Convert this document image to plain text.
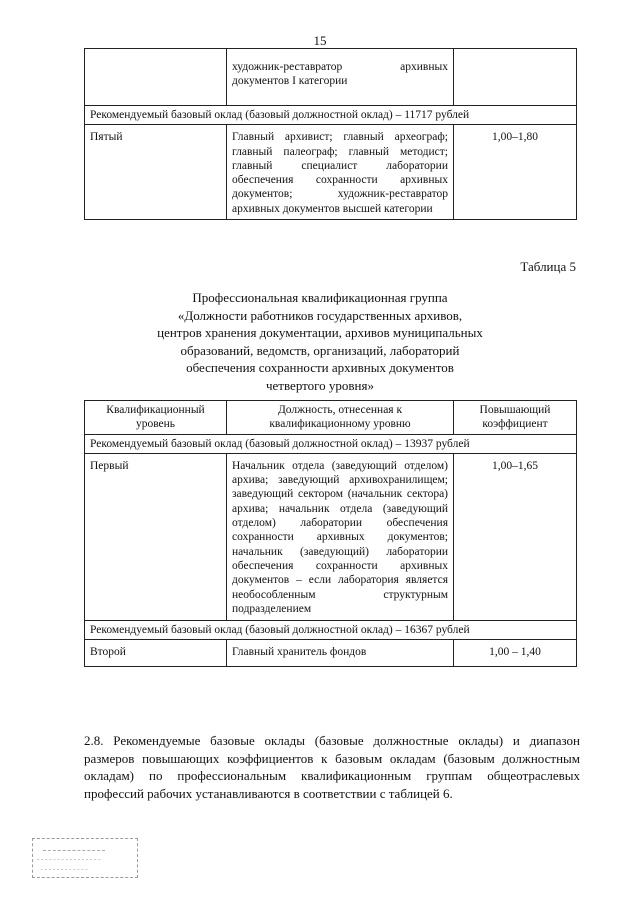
15
	художник-реставратор архивных документов I категории	
Рекомендуемый базовый оклад (базовый должностной оклад) – 11717 рублей		
Пятый	Главный архивист; главный археограф; главный палеограф; главный методист; главный специалист лаборатории обеспечения сохранности архивных документов; художник-реставратор архивных документов высшей категории	1,00–1,80
Таблица 5
Профессиональная квалификационная группа
«Должности работников государственных архивов,
центров хранения документации, архивов муниципальных
образований, ведомств, организаций, лабораторий
обеспечения сохранности архивных документов
четвертого уровня»
Квалификационный уровень	Должность, отнесенная к квалификационному уровню	Повышающий коэффициент
Рекомендуемый базовый оклад (базовый должностной оклад) – 13937 рублей		
Первый	Начальник отдела (заведующий отделом) архива; заведующий архивохранилищем; заведующий сектором (начальник сектора) архива; начальник отдела (заведующий отделом) лаборатории обеспечения сохранности архивных документов; начальник (заведующий) лаборатории обеспечения сохранности архивных документов – если лаборатория является необособленным структурным подразделением	1,00–1,65
Рекомендуемый базовый оклад (базовый должностной оклад) – 16367 рублей		
Второй	Главный хранитель фондов	1,00 – 1,40

2.8. Рекомендуемые базовые оклады (базовые должностные оклады) и диапазон размеров повышающих коэффициентов к базовым окладам (базовым должностным окладам) по профессиональным квалификационным группам общеотраслевых профессий рабочих устанавливаются в соответствии с таблицей 6.

- - - - - - - - - - - - - - - -
- - - - - - - - - - - -
